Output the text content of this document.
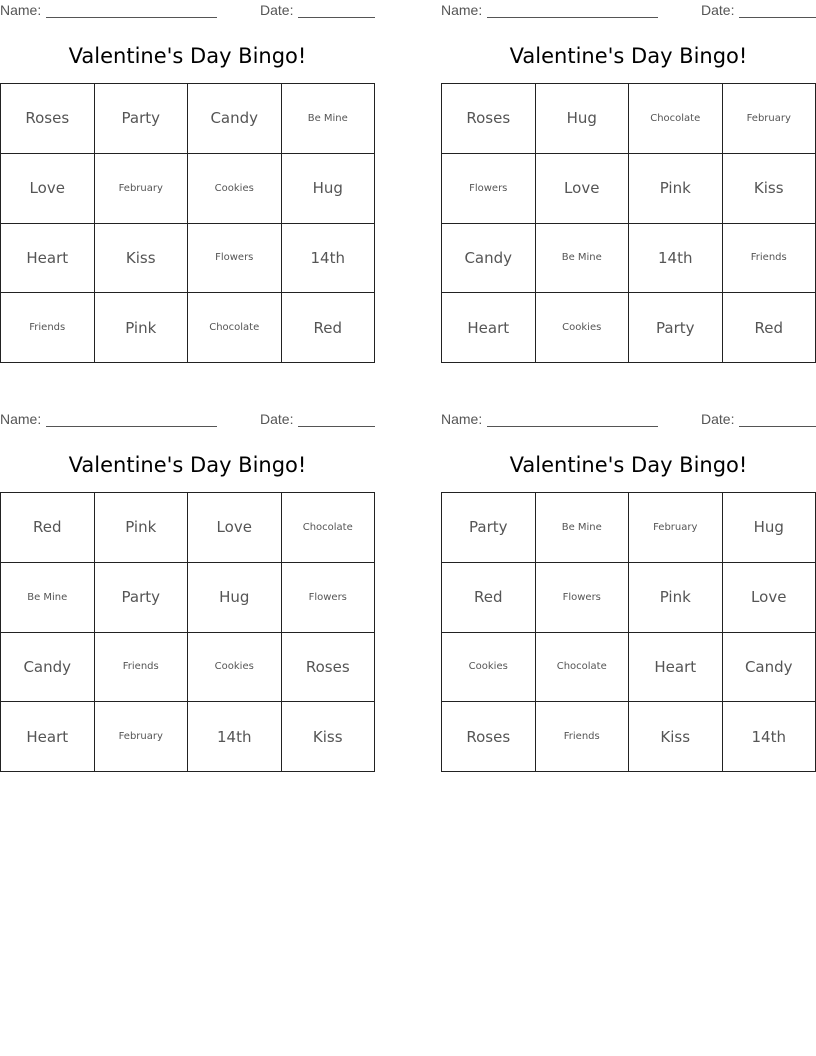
Name:	Date:
Valentine's Day Bingo!
Roses	Party	Candy	Be Mine
Love	February	Cookies	Hug
Heart	Kiss	Flowers	14th
Friends	Pink	Chocolate	Red
Name:	Date:
Valentine's Day Bingo!
Roses	Hug	Chocolate	February
Flowers	Love	Pink	Kiss
Candy	Be Mine	14th	Friends
Heart	Cookies	Party	Red
Name:	Date:
Valentine's Day Bingo!
Red	Pink	Love	Chocolate
Be Mine	Party	Hug	Flowers
Candy	Friends	Cookies	Roses
Heart	February	14th	Kiss
Name:	Date:
Valentine's Day Bingo!
Party	Be Mine	February	Hug
Red	Flowers	Pink	Love
Cookies	Chocolate	Heart	Candy
Roses	Friends	Kiss	14th
